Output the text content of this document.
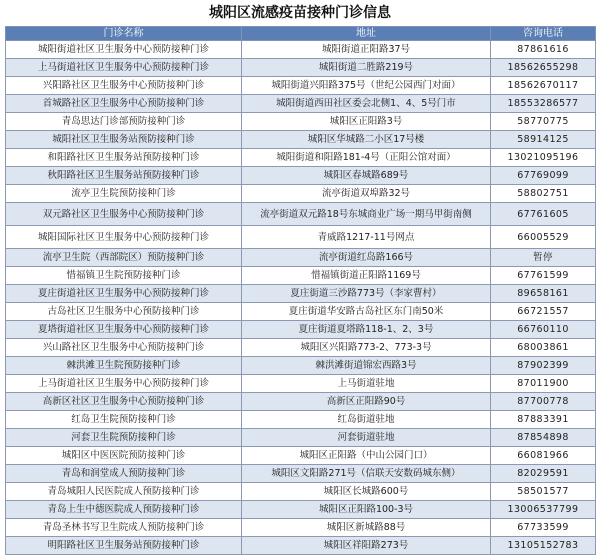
城阳区流感疫苗接种门诊信息
门诊名称	地址	咨询电话
城阳街道社区卫生服务中心预防接种门诊	城阳街道正阳路37号	87861616
上马街道社区卫生服务中心预防接种门诊	城阳街道二胜路219号	18562655298
兴阳路社区卫生服务中心预防接种门诊	城阳街道兴阳路375号（世纪公园西门对面）	18562670117
首城路社区卫生服务中心预防接种门诊	城阳街道西田社区委会北侧1、4、5号门市	18553286577
青岛思达门诊部预防接种门诊	城阳区正阳路3号	58770775
城阳社区卫生服务站预防接种门诊	城阳区华城路二小区17号楼	58914125
和阳路社区卫生服务站预防接种门诊	城阳街道和阳路181-4号（正阳公馆对面）	13021095196
秋阳路社区卫生服务站预防接种门诊	城阳区春城路689号	67769099
流亭卫生院预防接种门诊	流亭街道双埠路32号	58802751
双元路社区卫生服务中心预防接种门诊	流亭街道双元路18号东城商业广场一期马甲街南侧	67761605
城阳国际社区卫生服务中心预防接种门诊	青威路1217-11号网点	66005529
流亭卫生院（西部院区）预防接种门诊	流亭街道红岛路166号	暂停
惜福镇卫生院预防接种门诊	惜福镇街道正阳路1169号	67761599
夏庄街道社区卫生服务中心预防接种门诊	夏庄街道三沙路773号（李家曹村）	89658161
古岛社区卫生服务中心预防接种门诊	夏庄街道华安路古岛社区东门南50米	66721557
夏塔街道社区卫生服务中心预防接种门诊	夏庄街道夏塔路118-1、2、3号	66760110
兴山路社区卫生服务中心预防接种门诊	城阳区兴阳路773-2、773-3号	68003861
棘洪滩卫生院预防接种门诊	棘洪滩街道锦宏西路3号	87902399
上马街道社区卫生服务中心预防接种门诊	上马街道驻地	87011900
高新区社区卫生服务中心预防接种门诊	高新区正阳路90号	87700778
红岛卫生院预防接种门诊	红岛街道驻地	87883391
河套卫生院预防接种门诊	河套街道驻地	87854898
城阳区中医医院预防接种门诊	城阳区正阳路（中山公园门口）	66081966
青岛和润堂成人预防接种门诊	城阳区文阳路271号（信联天安数码城东侧）	82029591
青岛城阳人民医院成人预防接种门诊	城阳区长城路600号	58501577
青岛上生中德医院成人预防接种门诊	城阳区正阳路100-3号	13006537799
青岛圣林书写卫生院成人预防接种门诊	城阳区新城路88号	67733599
明阳路社区卫生服务站预防接种门诊	城阳区祥阳路273号	13105152783
